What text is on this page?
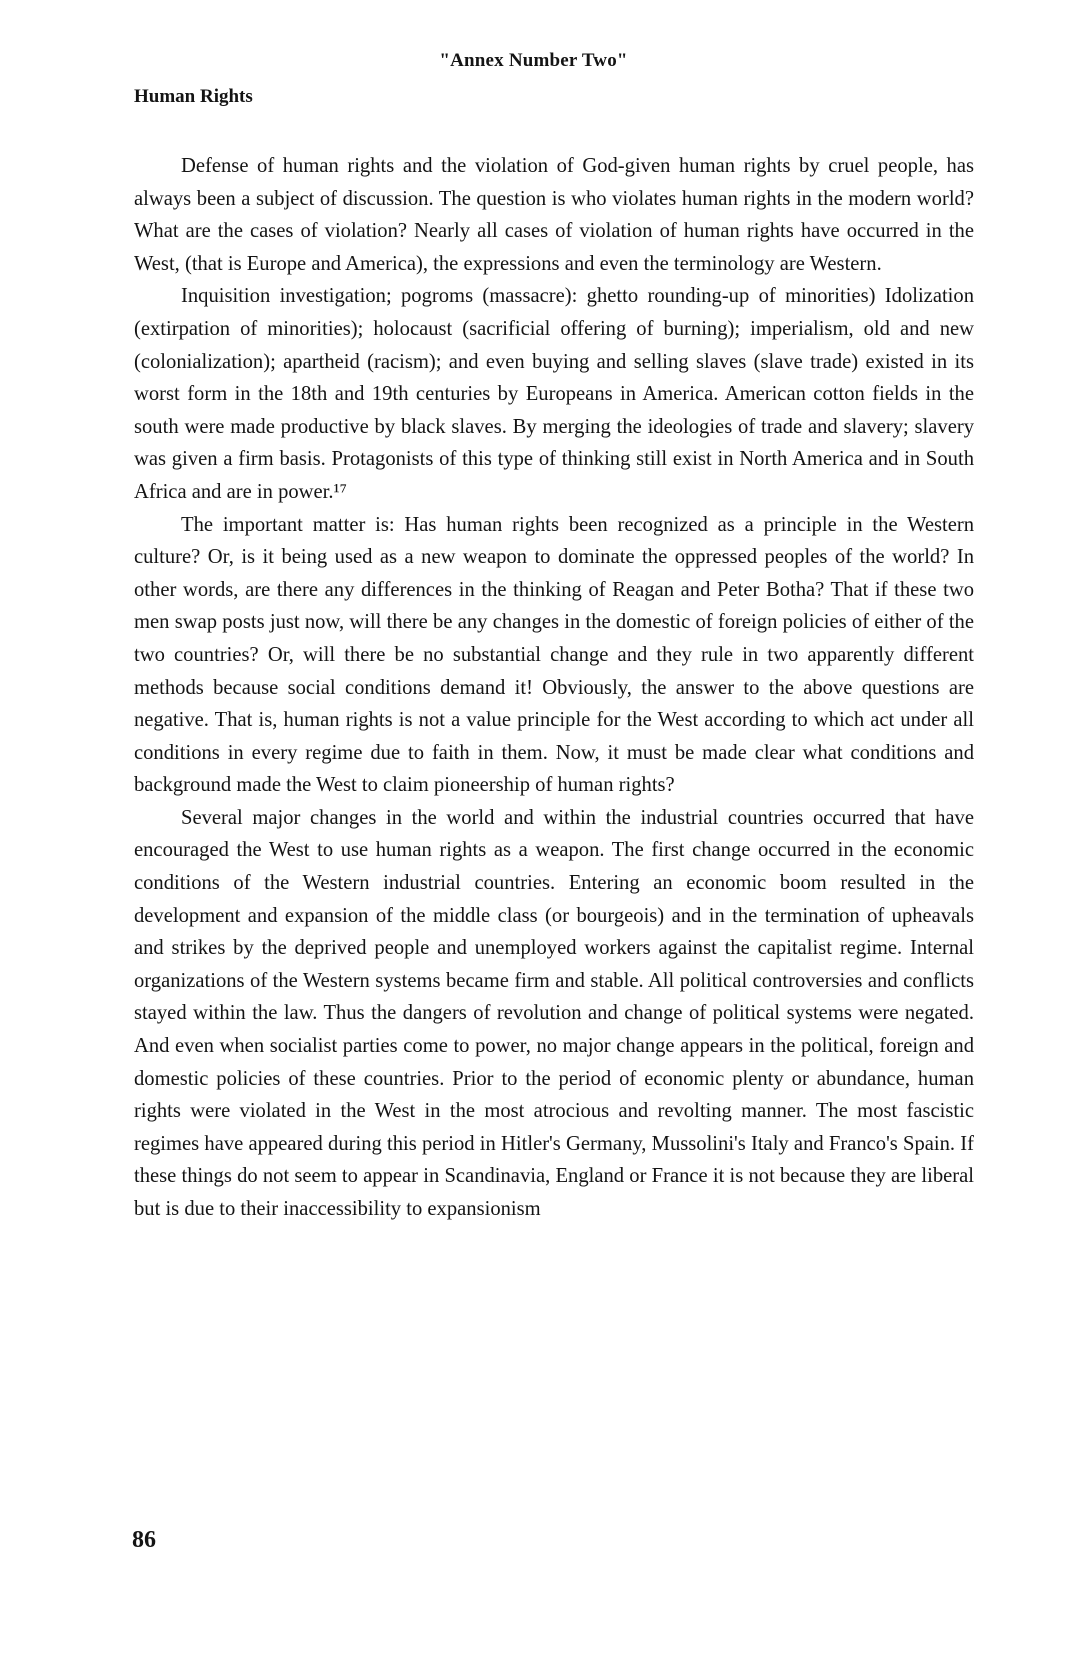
"Annex Number Two"
Human Rights

Defense of human rights and the violation of God-given human rights by cruel people, has always been a subject of discussion. The question is who violates human rights in the modern world? What are the cases of violation? Nearly all cases of violation of human rights have occurred in the West, (that is Europe and America), the expressions and even the terminology are Western.

Inquisition investigation; pogroms (massacre): ghetto rounding-up of minorities) Idolization (extirpation of minorities); holocaust (sacrificial offering of burning); imperialism, old and new (colonialization); apartheid (racism); and even buying and selling slaves (slave trade) existed in its worst form in the 18th and 19th centuries by Europeans in America. American cotton fields in the south were made productive by black slaves. By merging the ideologies of trade and slavery; slavery was given a firm basis. Protagonists of this type of thinking still exist in North America and in South Africa and are in power.¹⁷

The important matter is: Has human rights been recognized as a principle in the Western culture? Or, is it being used as a new weapon to dominate the oppressed peoples of the world? In other words, are there any differences in the thinking of Reagan and Peter Botha? That if these two men swap posts just now, will there be any changes in the domestic of foreign policies of either of the two countries? Or, will there be no substantial change and they rule in two apparently different methods because social conditions demand it! Obviously, the answer to the above questions are negative. That is, human rights is not a value principle for the West according to which act under all conditions in every regime due to faith in them. Now, it must be made clear what conditions and background made the West to claim pioneership of human rights?

Several major changes in the world and within the industrial countries occurred that have encouraged the West to use human rights as a weapon. The first change occurred in the economic conditions of the Western industrial countries. Entering an economic boom resulted in the development and expansion of the middle class (or bourgeois) and in the termination of upheavals and strikes by the deprived people and unemployed workers against the capitalist regime. Internal organizations of the Western systems became firm and stable. All political controversies and conflicts stayed within the law. Thus the dangers of revolution and change of political systems were negated. And even when socialist parties come to power, no major change appears in the political, foreign and domestic policies of these countries. Prior to the period of economic plenty or abundance, human rights were violated in the West in the most atrocious and revolting manner. The most fascistic regimes have appeared during this period in Hitler's Germany, Mussolini's Italy and Franco's Spain. If these things do not seem to appear in Scandinavia, England or France it is not because they are liberal but is due to their inaccessibility to expansionism

86
